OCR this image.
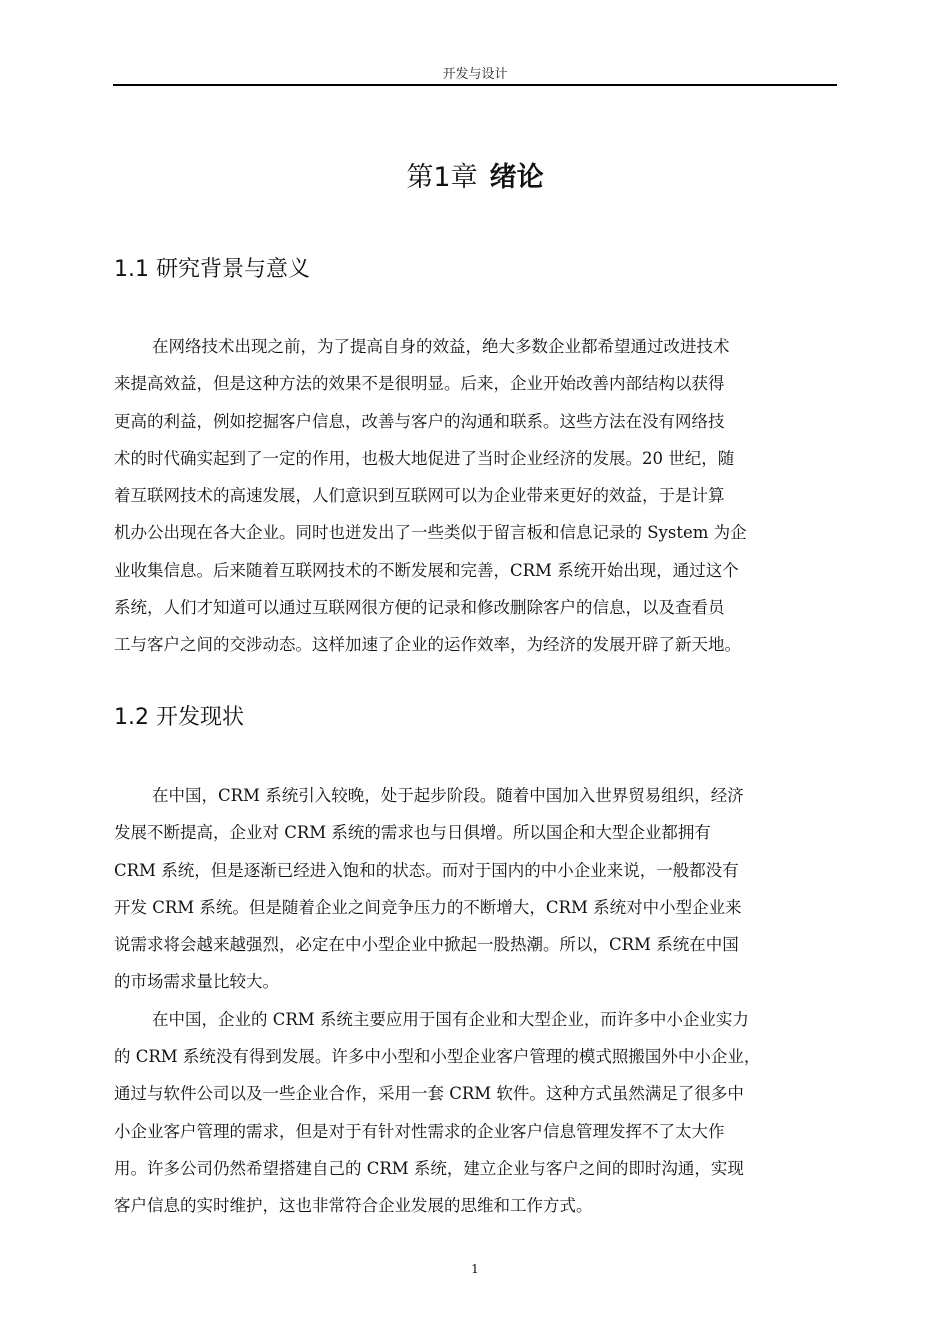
开发与设计
第1章 绪论
1.1 研究背景与意义
在网络技术出现之前，为了提高自身的效益，绝大多数企业都希望通过改进技术
来提高效益，但是这种方法的效果不是很明显。后来，企业开始改善内部结构以获得
更高的利益，例如挖掘客户信息，改善与客户的沟通和联系。这些方法在没有网络技
术的时代确实起到了一定的作用，也极大地促进了当时企业经济的发展。20 世纪，随
着互联网技术的高速发展，人们意识到互联网可以为企业带来更好的效益，于是计算
机办公出现在各大企业。同时也迸发出了一些类似于留言板和信息记录的 System 为企
业收集信息。后来随着互联网技术的不断发展和完善，CRM 系统开始出现，通过这个
系统，人们才知道可以通过互联网很方便的记录和修改删除客户的信息，以及查看员
工与客户之间的交涉动态。这样加速了企业的运作效率，为经济的发展开辟了新天地。
1.2 开发现状
在中国，CRM 系统引入较晚，处于起步阶段。随着中国加入世界贸易组织，经济
发展不断提高，企业对 CRM 系统的需求也与日俱增。所以国企和大型企业都拥有
CRM 系统，但是逐渐已经进入饱和的状态。而对于国内的中小企业来说，一般都没有
开发 CRM 系统。但是随着企业之间竞争压力的不断增大，CRM 系统对中小型企业来
说需求将会越来越强烈，必定在中小型企业中掀起一股热潮。所以，CRM 系统在中国
的市场需求量比较大。
在中国，企业的 CRM 系统主要应用于国有企业和大型企业，而许多中小企业实力
的 CRM 系统没有得到发展。许多中小型和小型企业客户管理的模式照搬国外中小企业，
通过与软件公司以及一些企业合作，采用一套 CRM 软件。这种方式虽然满足了很多中
小企业客户管理的需求，但是对于有针对性需求的企业客户信息管理发挥不了太大作
用。许多公司仍然希望搭建自己的 CRM 系统，建立企业与客户之间的即时沟通，实现
客户信息的实时维护，这也非常符合企业发展的思维和工作方式。
1
